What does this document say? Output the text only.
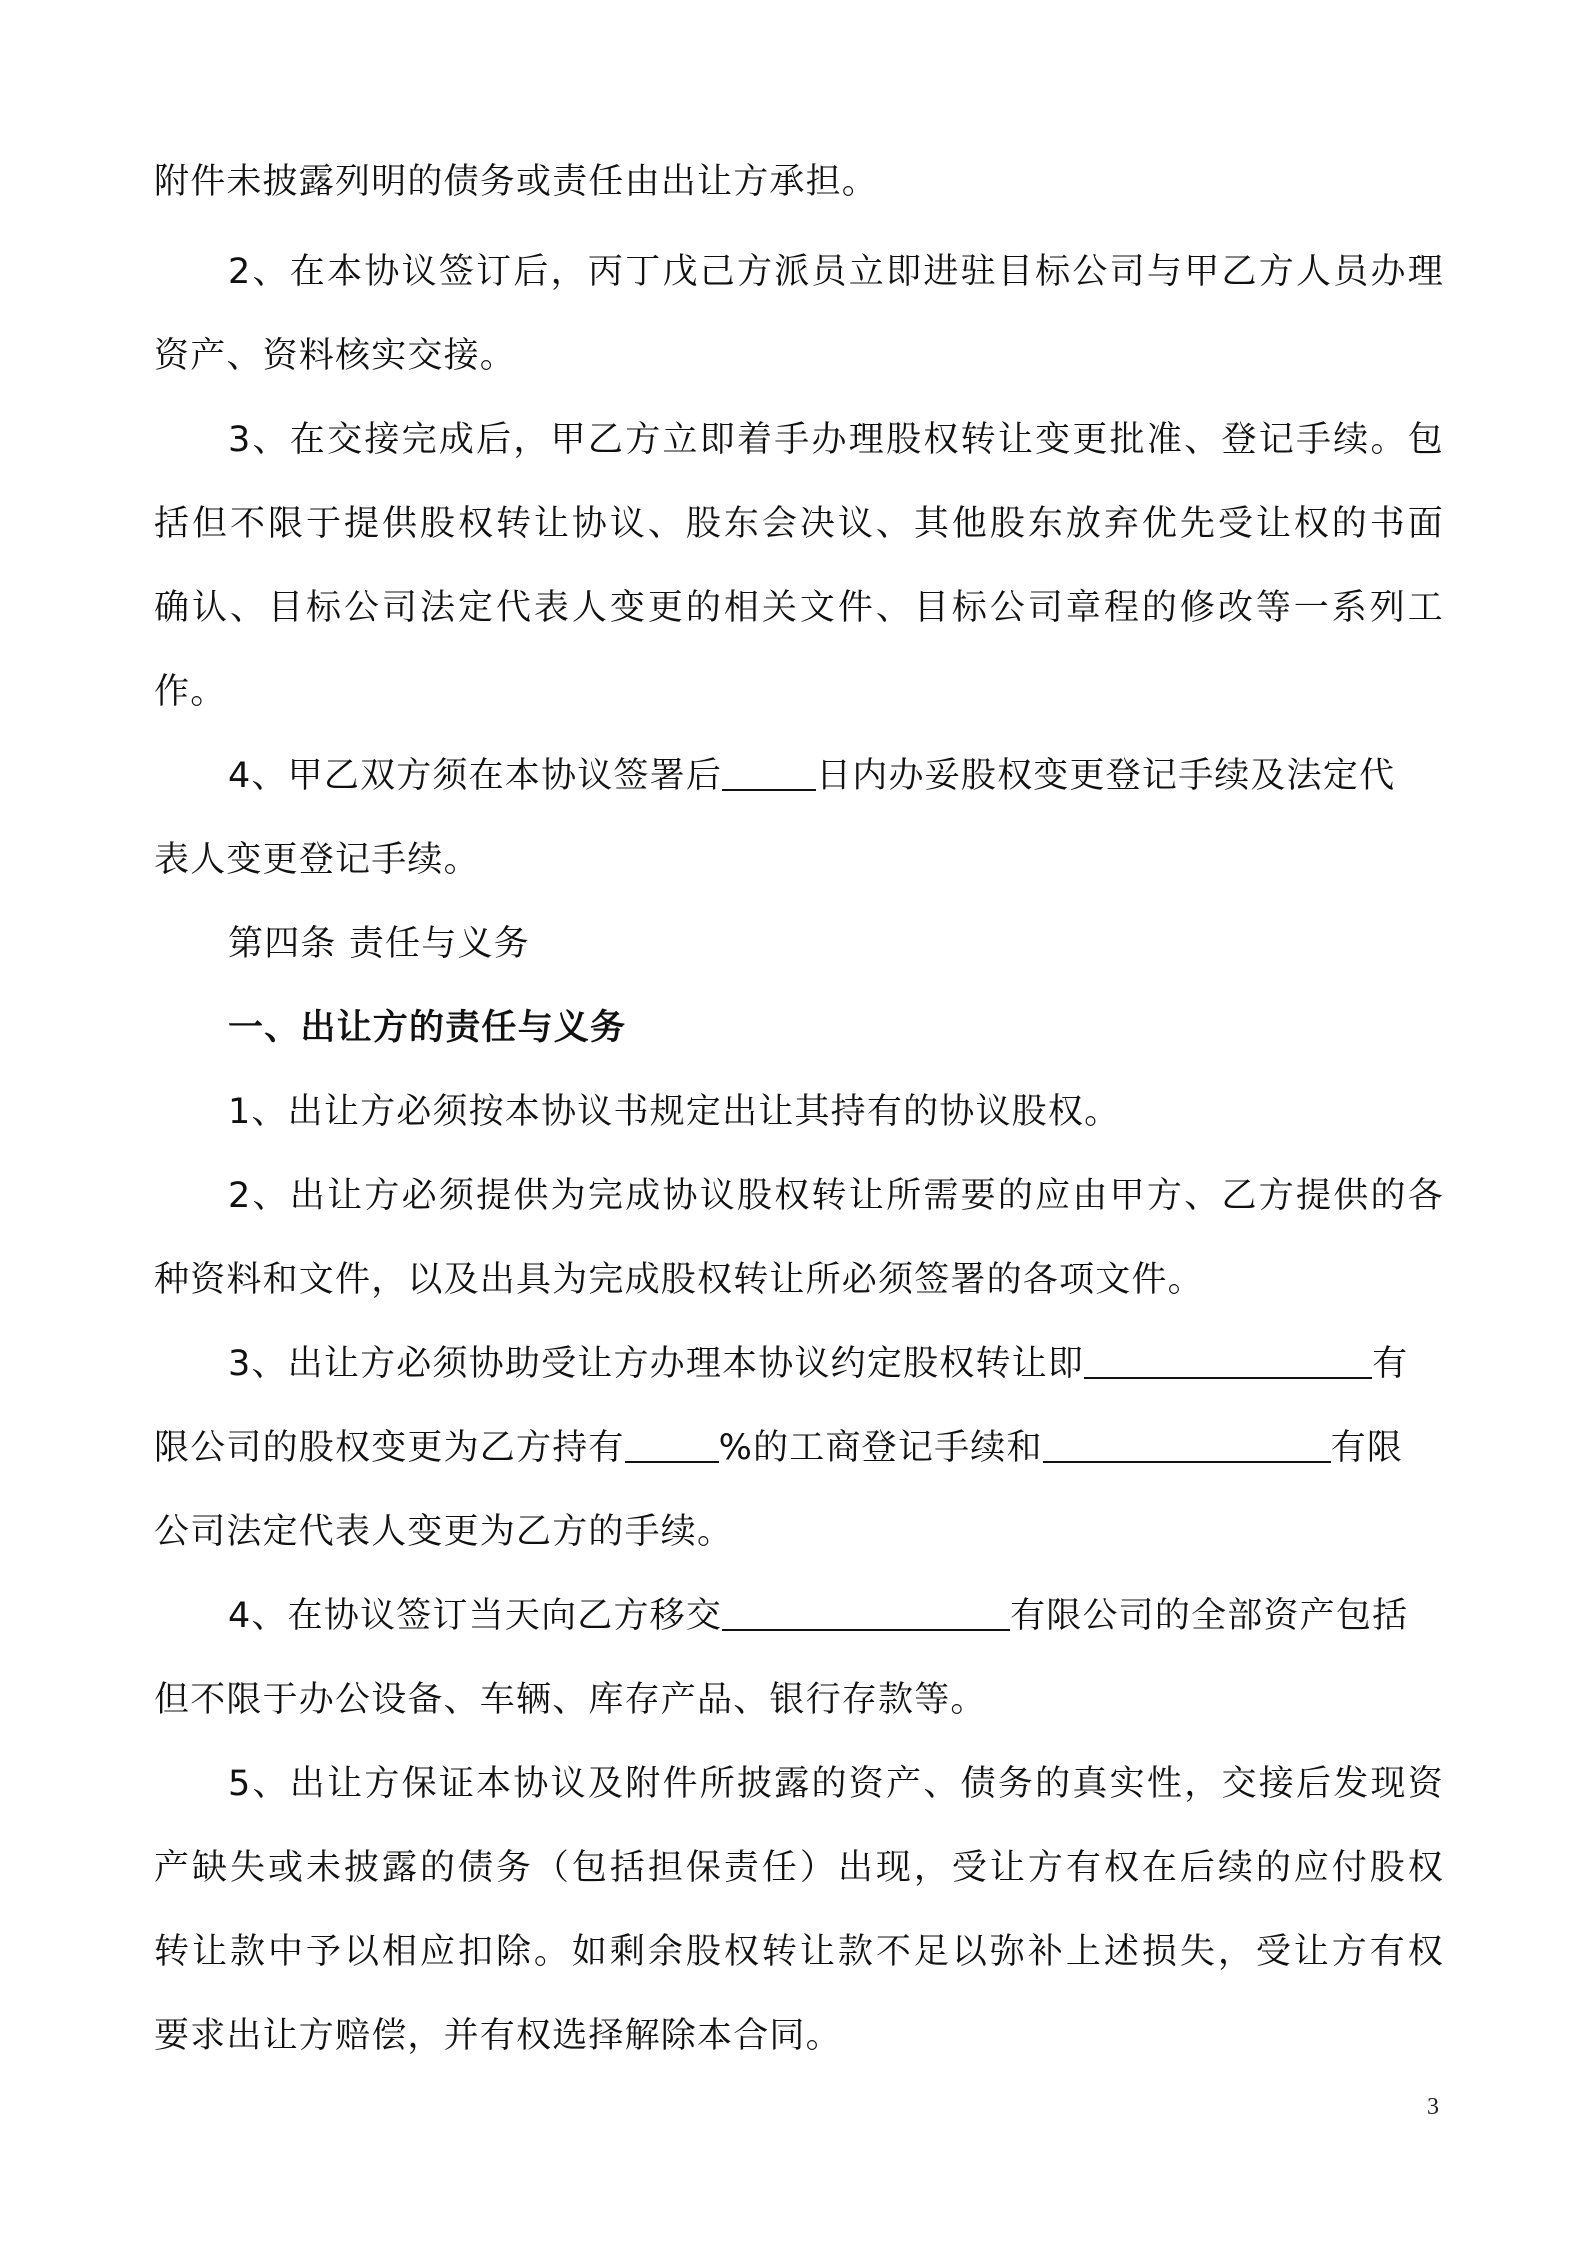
附件未披露列明的债务或责任由出让方承担。
2、在本协议签订后，丙丁戊己方派员立即进驻目标公司与甲乙方人员办理
资产、资料核实交接。
3、在交接完成后，甲乙方立即着手办理股权转让变更批准、登记手续。包
括但不限于提供股权转让协议、股东会决议、其他股东放弃优先受让权的书面
确认、目标公司法定代表人变更的相关文件、目标公司章程的修改等一系列工
作。
4、甲乙双方须在本协议签署后	日内办妥股权变更登记手续及法定代
表人变更登记手续。
第四条 责任与义务
一、出让方的责任与义务
1、出让方必须按本协议书规定出让其持有的协议股权。
2、出让方必须提供为完成协议股权转让所需要的应由甲方、乙方提供的各
种资料和文件，以及出具为完成股权转让所必须签署的各项文件。
3、出让方必须协助受让方办理本协议约定股权转让即	有
限公司的股权变更为乙方持有	%的工商登记手续和	有限
公司法定代表人变更为乙方的手续。
4、在协议签订当天向乙方移交	有限公司的全部资产包括
但不限于办公设备、车辆、库存产品、银行存款等。
5、出让方保证本协议及附件所披露的资产、债务的真实性，交接后发现资
产缺失或未披露的债务（包括担保责任）出现，受让方有权在后续的应付股权
转让款中予以相应扣除。如剩余股权转让款不足以弥补上述损失，受让方有权
要求出让方赔偿，并有权选择解除本合同。
3
